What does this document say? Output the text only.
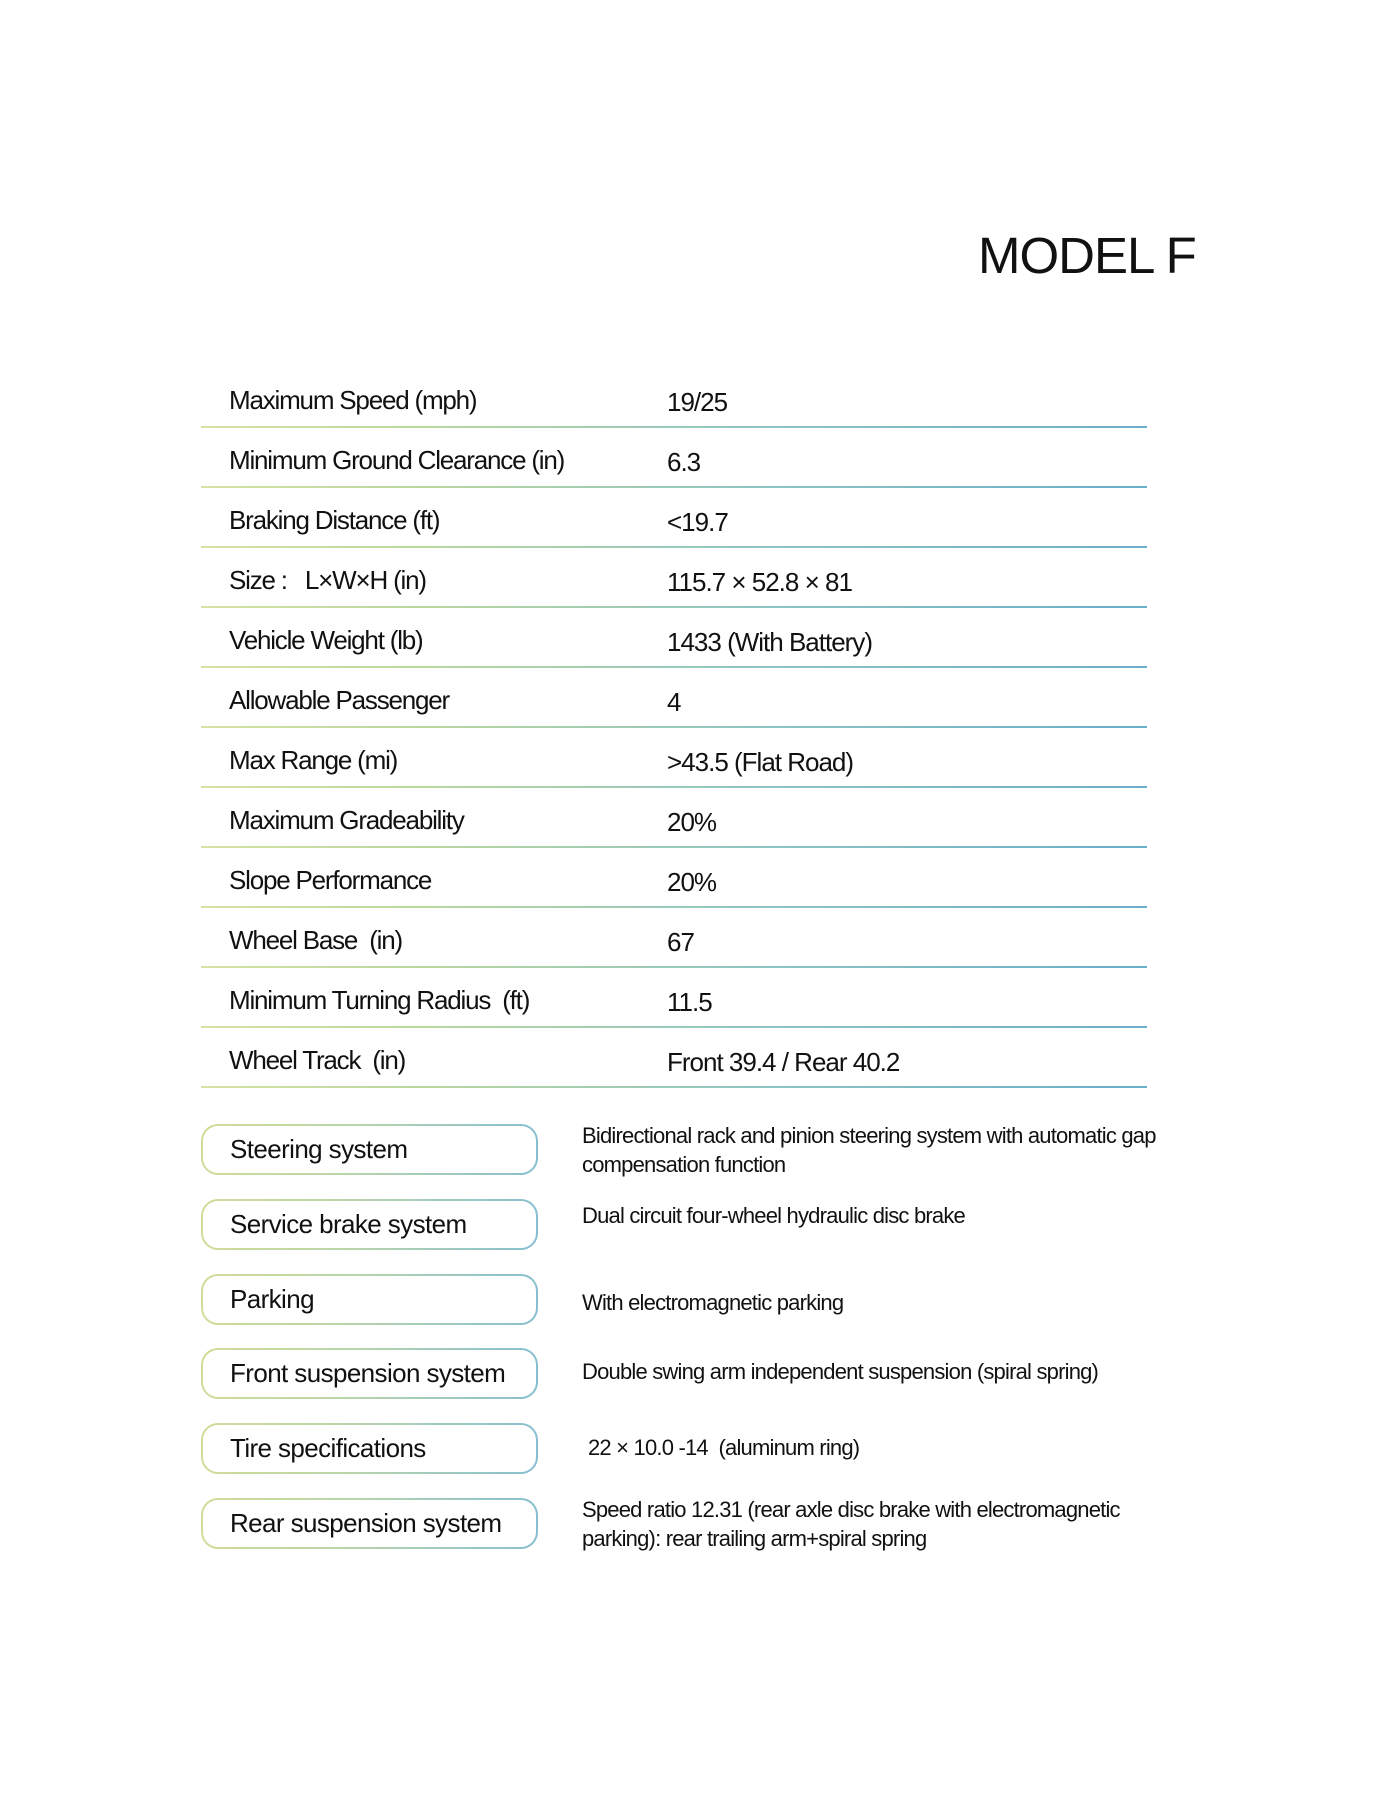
MODEL F
Maximum Speed (mph)	19/25
Minimum Ground Clearance (in)	6.3
Braking Distance (ft)	<19.7
Size :   L×W×H (in)	115.7 × 52.8 × 81
Vehicle Weight (lb)	1433 (With Battery)
Allowable Passenger	4
Max Range (mi)	>43.5 (Flat Road)
Maximum Gradeability	20%
Slope Performance	20%
Wheel Base  (in)	67
Minimum Turning Radius  (ft)	11.5
Wheel Track  (in)	Front 39.4 / Rear 40.2
Steering system	Bidirectional rack and pinion steering system with automatic gap compensation function
Service brake system	Dual circuit four-wheel hydraulic disc brake
Parking	With electromagnetic parking
Front suspension system	Double swing arm independent suspension (spiral spring)
Tire specifications	22 × 10.0 -14  (aluminum ring)
Rear suspension system	Speed ratio 12.31 (rear axle disc brake with electromagnetic parking): rear trailing arm+spiral spring
